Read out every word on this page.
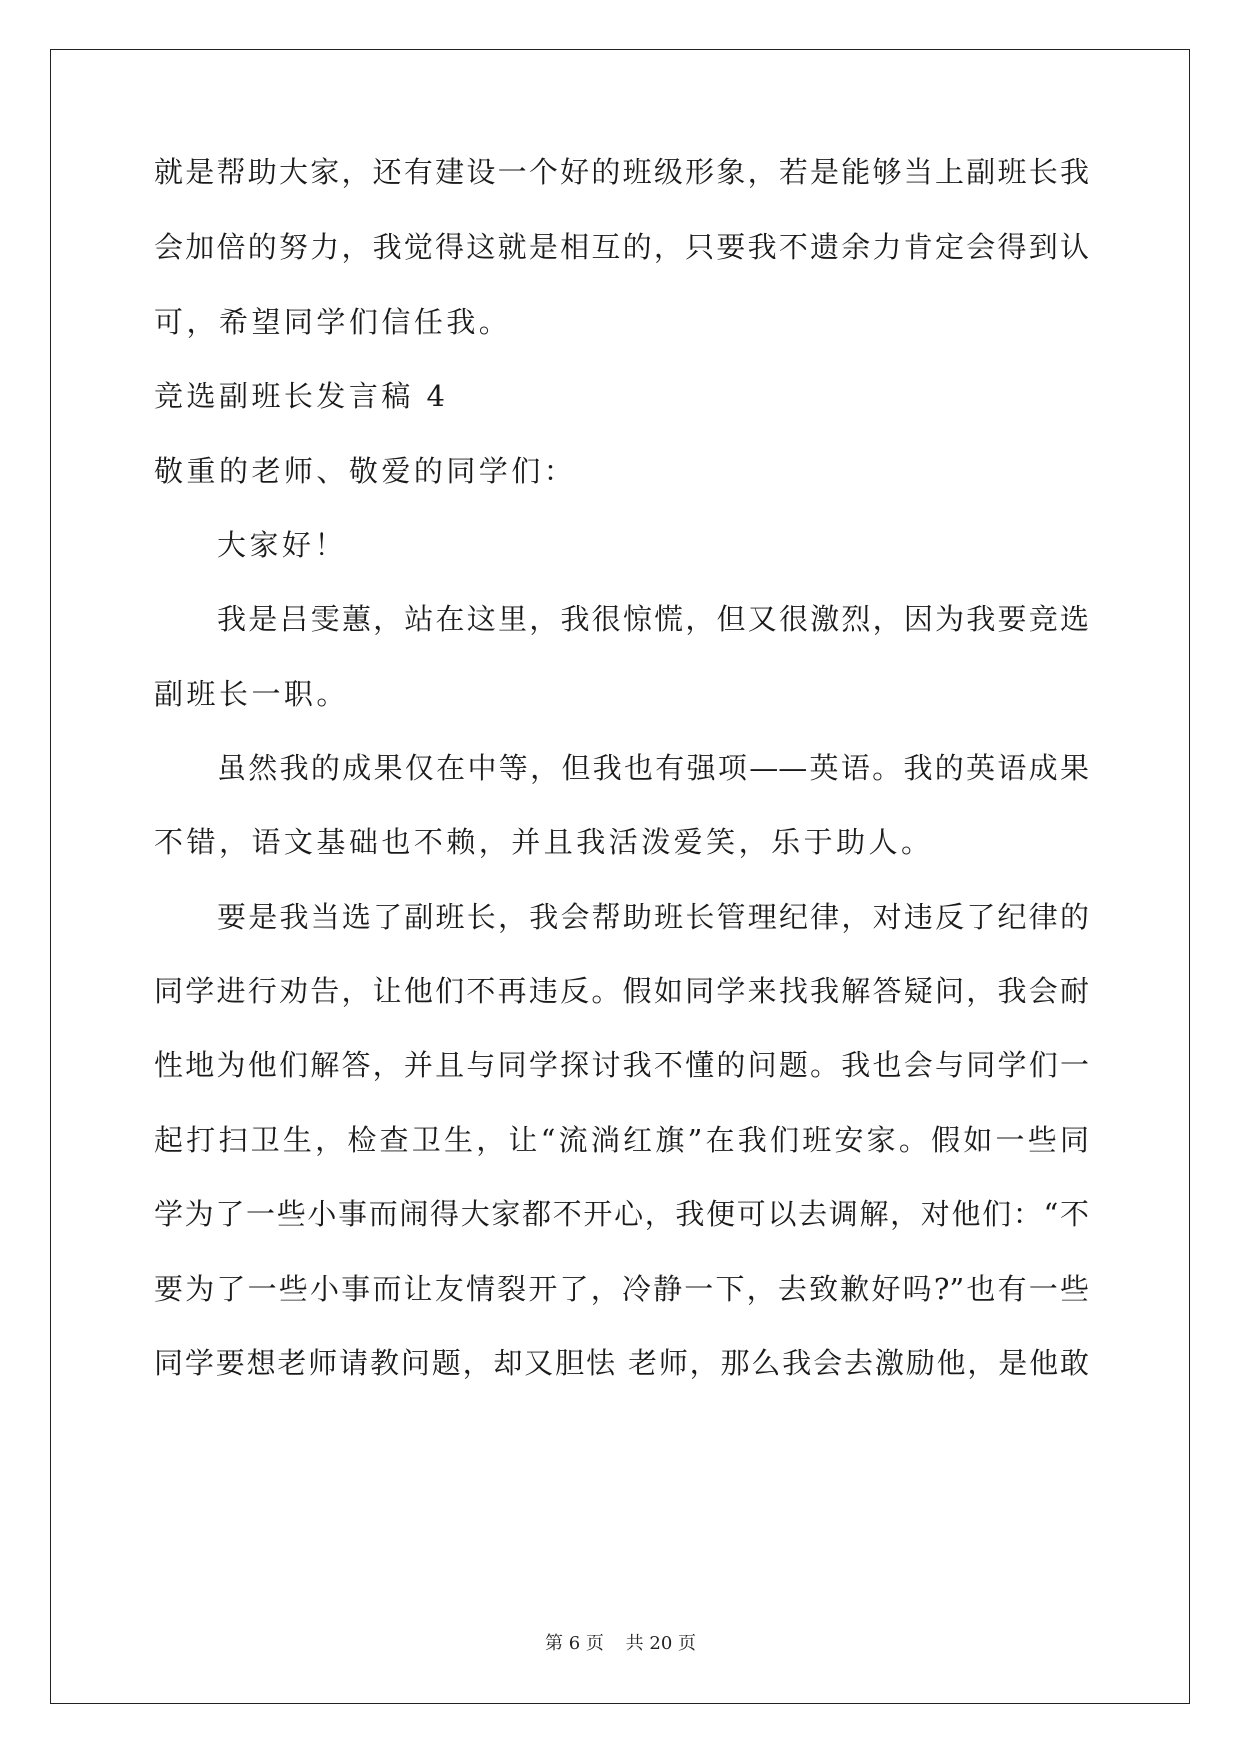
就是帮助大家，还有建设一个好的班级形象，若是能够当上副班长我
会加倍的努力，我觉得这就是相互的，只要我不遗余力肯定会得到认
可，希望同学们信任我。
竞选副班长发言稿 4
敬重的老师、敬爱的同学们：
大家好！
我是吕雯蕙，站在这里，我很惊慌，但又很激烈，因为我要竞选
副班长一职。
虽然我的成果仅在中等，但我也有强项——英语。我的英语成果
不错，语文基础也不赖，并且我活泼爱笑，乐于助人。
要是我当选了副班长，我会帮助班长管理纪律，对违反了纪律的
同学进行劝告，让他们不再违反。假如同学来找我解答疑问，我会耐
性地为他们解答，并且与同学探讨我不懂的问题。我也会与同学们一
起打扫卫生，检查卫生，让“流淌红旗”在我们班安家。假如一些同
学为了一些小事而闹得大家都不开心，我便可以去调解，对他们：“不
要为了一些小事而让友情裂开了，冷静一下，去致歉好吗?”也有一些
同学要想老师请教问题，却又胆怯 老师，那么我会去激励他，是他敢
第 6 页 共 20 页
